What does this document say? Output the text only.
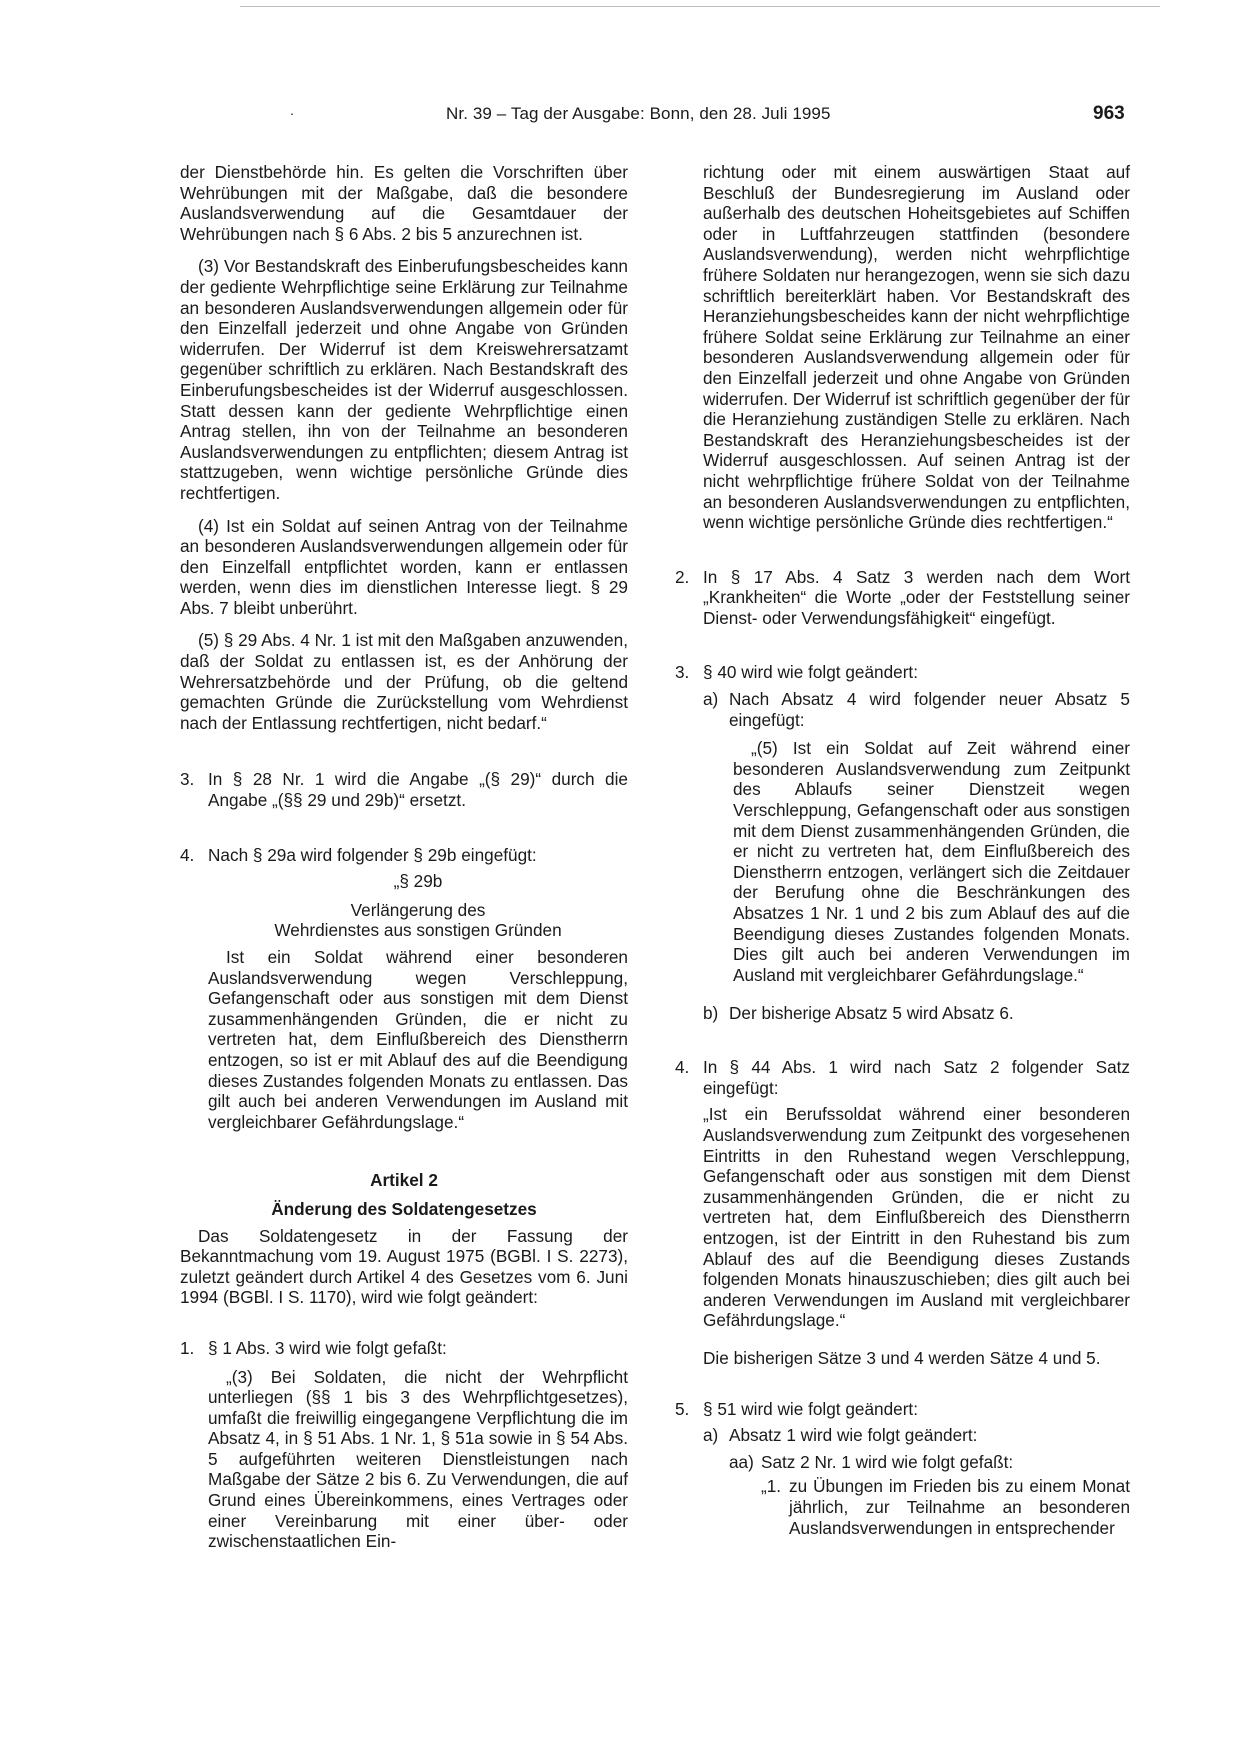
.	Nr. 39 – Tag der Ausgabe: Bonn, den 28. Juli 1995	963

der Dienstbehörde hin. Es gelten die Vorschriften über Wehrübungen mit der Maßgabe, daß die besondere Auslandsverwendung auf die Gesamtdauer der Wehrübungen nach § 6 Abs. 2 bis 5 anzurechnen ist.

(3) Vor Bestandskraft des Einberufungsbescheides kann der gediente Wehrpflichtige seine Erklärung zur Teilnahme an besonderen Auslandsverwendungen allgemein oder für den Einzelfall jederzeit und ohne Angabe von Gründen widerrufen. Der Widerruf ist dem Kreiswehrersatzamt gegenüber schriftlich zu erklären. Nach Bestandskraft des Einberufungsbescheides ist der Widerruf ausgeschlossen. Statt dessen kann der gediente Wehrpflichtige einen Antrag stellen, ihn von der Teilnahme an besonderen Auslandsverwendungen zu entpflichten; diesem Antrag ist stattzugeben, wenn wichtige persönliche Gründe dies rechtfertigen.

(4) Ist ein Soldat auf seinen Antrag von der Teilnahme an besonderen Auslandsverwendungen allgemein oder für den Einzelfall entpflichtet worden, kann er entlassen werden, wenn dies im dienstlichen Interesse liegt. § 29 Abs. 7 bleibt unberührt.

(5) § 29 Abs. 4 Nr. 1 ist mit den Maßgaben anzuwenden, daß der Soldat zu entlassen ist, es der Anhörung der Wehrersatzbehörde und der Prüfung, ob die geltend gemachten Gründe die Zurückstellung vom Wehrdienst nach der Entlassung rechtfertigen, nicht bedarf.“

3. In § 28 Nr. 1 wird die Angabe „(§ 29)“ durch die Angabe „(§§ 29 und 29b)“ ersetzt.
4. Nach § 29a wird folgender § 29b eingefügt:

„§ 29b

Verlängerung des

Wehrdienstes aus sonstigen Gründen

Ist ein Soldat während einer besonderen Auslandsverwendung wegen Verschleppung, Gefangenschaft oder aus sonstigen mit dem Dienst zusammenhängenden Gründen, die er nicht zu vertreten hat, dem Einflußbereich des Dienstherrn entzogen, so ist er mit Ablauf des auf die Beendigung dieses Zustandes folgenden Monats zu entlassen. Das gilt auch bei anderen Verwendungen im Ausland mit vergleichbarer Gefährdungslage.“

Artikel 2

Änderung des Soldatengesetzes

Das Soldatengesetz in der Fassung der Bekanntmachung vom 19. August 1975 (BGBl. I S. 2273), zuletzt geändert durch Artikel 4 des Gesetzes vom 6. Juni 1994 (BGBl. I S. 1170), wird wie folgt geändert:

1. § 1 Abs. 3 wird wie folgt gefaßt:

„(3) Bei Soldaten, die nicht der Wehrpflicht unterliegen (§§ 1 bis 3 des Wehrpflichtgesetzes), umfaßt die freiwillig eingegangene Verpflichtung die im Absatz 4, in § 51 Abs. 1 Nr. 1, § 51a sowie in § 54 Abs. 5 aufgeführten weiteren Dienstleistungen nach Maßgabe der Sätze 2 bis 6. Zu Verwendungen, die auf Grund eines Übereinkommens, eines Vertrages oder einer Vereinbarung mit einer über- oder zwischenstaatlichen Ein-

richtung oder mit einem auswärtigen Staat auf Beschluß der Bundesregierung im Ausland oder außerhalb des deutschen Hoheitsgebietes auf Schiffen oder in Luftfahrzeugen stattfinden (besondere Auslandsverwendung), werden nicht wehrpflichtige frühere Soldaten nur herangezogen, wenn sie sich dazu schriftlich bereiterklärt haben. Vor Bestandskraft des Heranziehungsbescheides kann der nicht wehrpflichtige frühere Soldat seine Erklärung zur Teilnahme an einer besonderen Auslandsverwendung allgemein oder für den Einzelfall jederzeit und ohne Angabe von Gründen widerrufen. Der Widerruf ist schriftlich gegenüber der für die Heranziehung zuständigen Stelle zu erklären. Nach Bestandskraft des Heranziehungsbescheides ist der Widerruf ausgeschlossen. Auf seinen Antrag ist der nicht wehrpflichtige frühere Soldat von der Teilnahme an besonderen Auslandsverwendungen zu entpflichten, wenn wichtige persönliche Gründe dies rechtfertigen.“

2. In § 17 Abs. 4 Satz 3 werden nach dem Wort „Krankheiten“ die Worte „oder der Feststellung seiner Dienst- oder Verwendungsfähigkeit“ eingefügt.
3. § 40 wird wie folgt geändert:
a) Nach Absatz 4 wird folgender neuer Absatz 5 eingefügt:

„(5) Ist ein Soldat auf Zeit während einer besonderen Auslandsverwendung zum Zeitpunkt des Ablaufs seiner Dienstzeit wegen Verschleppung, Gefangenschaft oder aus sonstigen mit dem Dienst zusammenhängenden Gründen, die er nicht zu vertreten hat, dem Einflußbereich des Dienstherrn entzogen, verlängert sich die Zeitdauer der Berufung ohne die Beschränkungen des Absatzes 1 Nr. 1 und 2 bis zum Ablauf des auf die Beendigung dieses Zustandes folgenden Monats. Dies gilt auch bei anderen Verwendungen im Ausland mit vergleichbarer Gefährdungslage.“

b) Der bisherige Absatz 5 wird Absatz 6.
4. In § 44 Abs. 1 wird nach Satz 2 folgender Satz eingefügt:

„Ist ein Berufssoldat während einer besonderen Auslandsverwendung zum Zeitpunkt des vorgesehenen Eintritts in den Ruhestand wegen Verschleppung, Gefangenschaft oder aus sonstigen mit dem Dienst zusammenhängenden Gründen, die er nicht zu vertreten hat, dem Einflußbereich des Dienstherrn entzogen, ist der Eintritt in den Ruhestand bis zum Ablauf des auf die Beendigung dieses Zustands folgenden Monats hinauszuschieben; dies gilt auch bei anderen Verwendungen im Ausland mit vergleichbarer Gefährdungslage.“

Die bisherigen Sätze 3 und 4 werden Sätze 4 und 5.

5. § 51 wird wie folgt geändert:
a) Absatz 1 wird wie folgt geändert:
aa) Satz 2 Nr. 1 wird wie folgt gefaßt:
„1. zu Übungen im Frieden bis zu einem Monat jährlich, zur Teilnahme an besonderen Auslandsverwendungen in entsprechender
